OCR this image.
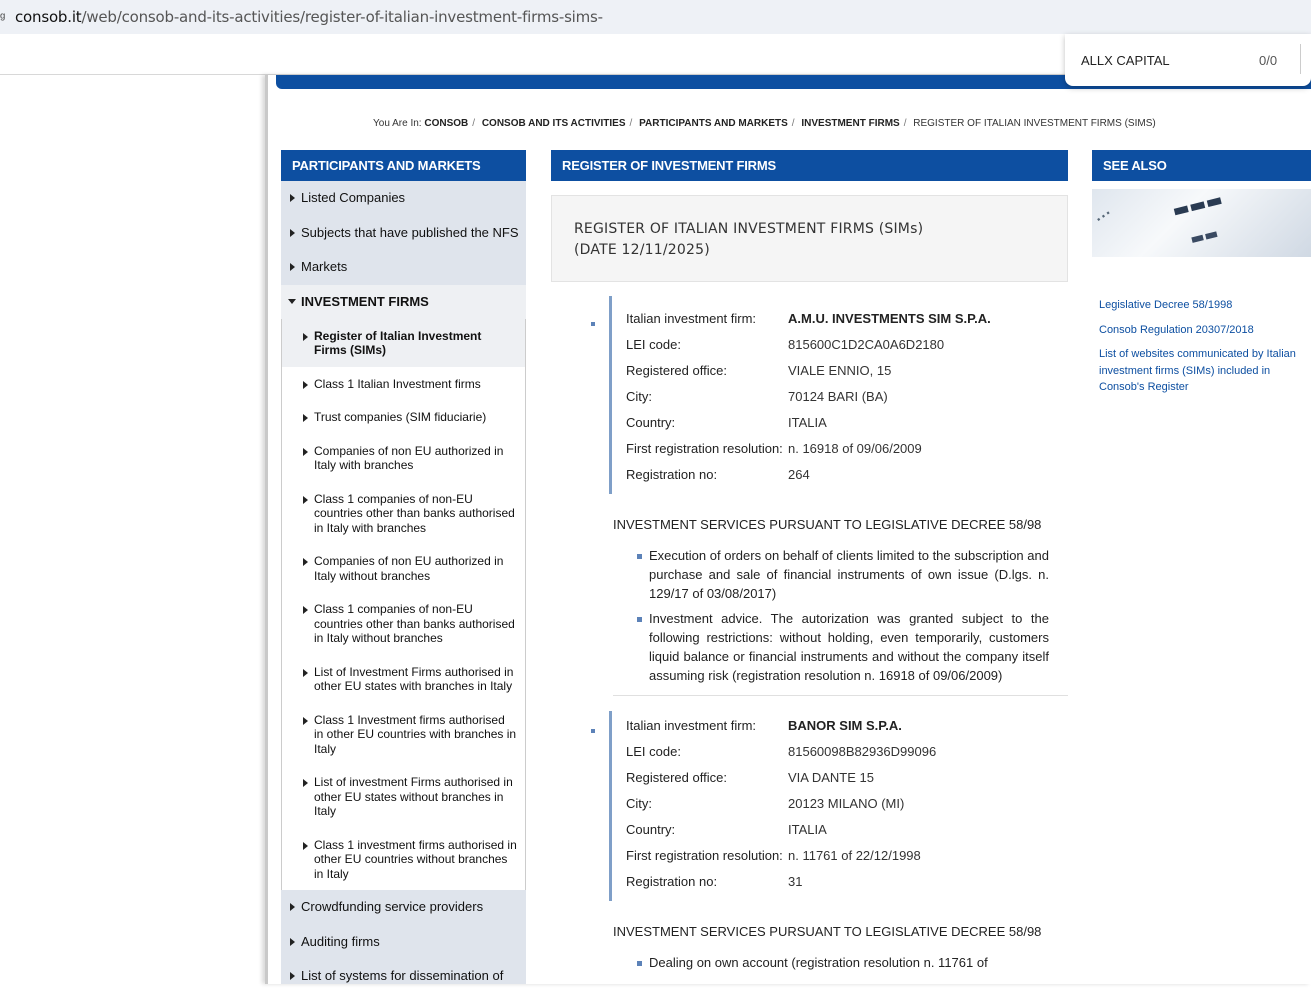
ᵍ consob.it/web/consob-and-its-activities/register-of-italian-investment-firms-sims-
ALLX CAPITAL	0/0
You Are In: CONSOB / CONSOB AND ITS ACTIVITIES / PARTICIPANTS AND MARKETS / INVESTMENT FIRMS / REGISTER OF ITALIAN INVESTMENT FIRMS (SIMS)
PARTICIPANTS AND MARKETS
Listed Companies
Subjects that have published the NFS
Markets
INVESTMENT FIRMS
Register of Italian Investment Firms (SIMs)
Class 1 Italian Investment firms
Trust companies (SIM fiduciarie)
Companies of non EU authorized in Italy with branches
Class 1 companies of non-EU countries other than banks authorised in Italy with branches
Companies of non EU authorized in Italy without branches
Class 1 companies of non-EU countries other than banks authorised in Italy without branches
List of Investment Firms authorised in other EU states with branches in Italy
Class 1 Investment firms authorised in other EU countries with branches in Italy
List of investment Firms authorised in other EU states without branches in Italy
Class 1 investment firms authorised in other EU countries without branches in Italy
Crowdfunding service providers
Auditing firms
List of systems for dissemination of
REGISTER OF INVESTMENT FIRMS
REGISTER OF ITALIAN INVESTMENT FIRMS (SIMs)
(DATE 12/11/2025)
Italian investment firm:	A.M.U. INVESTMENTS SIM S.P.A.
LEI code:	815600C1D2CA0A6D2180
Registered office:	VIALE ENNIO, 15
City:	70124 BARI (BA)
Country:	ITALIA
First registration resolution: n. 16918 of 09/06/2009
Registration no:	264
INVESTMENT SERVICES PURSUANT TO LEGISLATIVE DECREE 58/98
Execution of orders on behalf of clients limited to the subscription and purchase and sale of financial instruments of own issue (D.lgs. n. 129/17 of 03/08/2017)
Investment advice. The autorization was granted subject to the following restrictions: without holding, even temporarily, customers liquid balance or financial instruments and without the company itself assuming risk (registration resolution n. 16918 of 09/06/2009)
Italian investment firm:	BANOR SIM S.P.A.
LEI code:	81560098B82936D99096
Registered office:	VIA DANTE 15
City:	20123 MILANO (MI)
Country:	ITALIA
First registration resolution: n. 11761 of 22/12/1998
Registration no:	31
INVESTMENT SERVICES PURSUANT TO LEGISLATIVE DECREE 58/98
Dealing on own account (registration resolution n. 11761 of
SEE ALSO
▪ ▪ ▪	▬▬▬
▬▬
Legislative Decree 58/1998
Consob Regulation 20307/2018
List of websites communicated by Italian investment firms (SIMs) included in Consob's Register
